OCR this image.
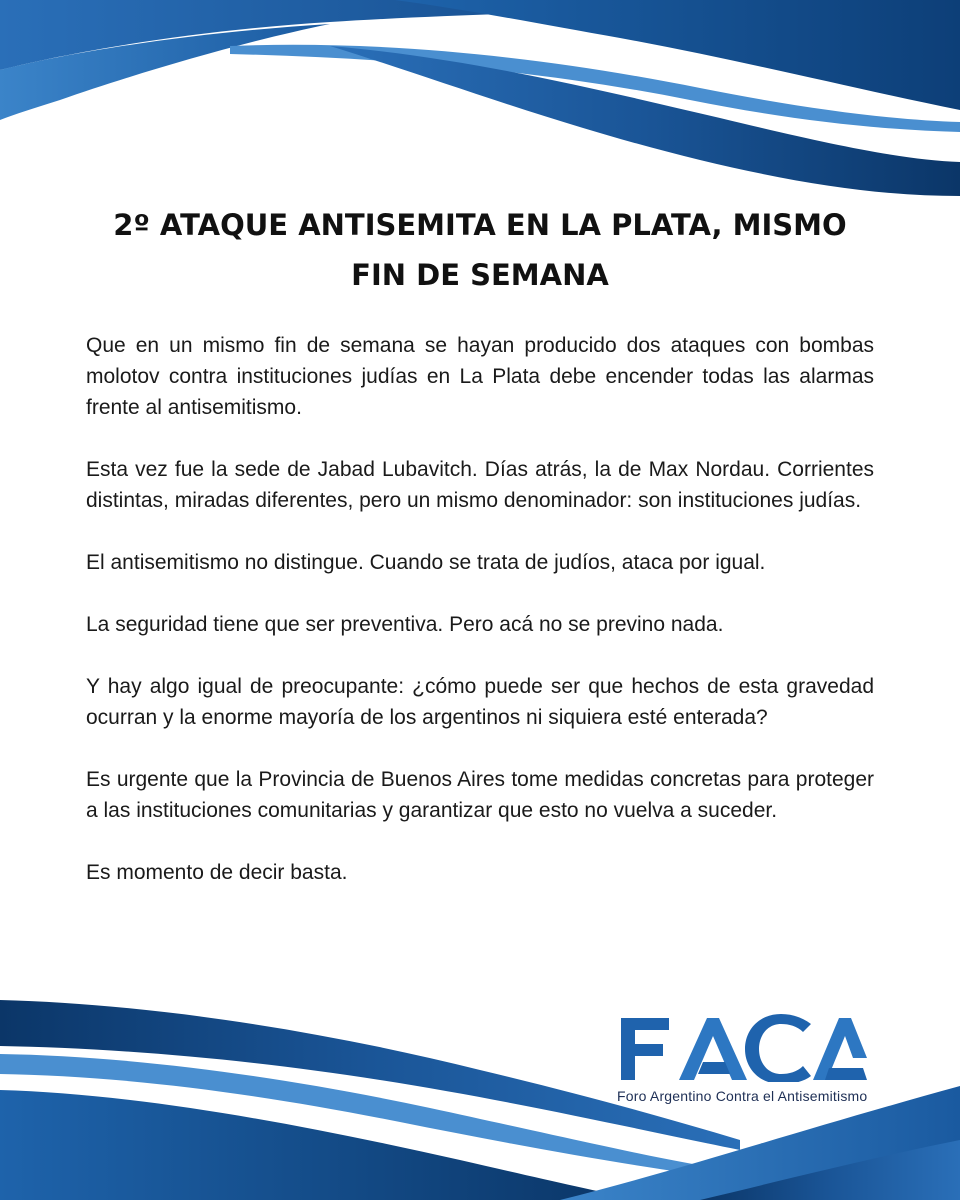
2º ATAQUE ANTISEMITA EN LA PLATA, MISMO FIN DE SEMANA

Que en un mismo fin de semana se hayan producido dos ataques con bombas molotov contra instituciones judías en La Plata debe encender todas las alarmas frente al antisemitismo.

Esta vez fue la sede de Jabad Lubavitch. Días atrás, la de Max Nordau. Corrientes distintas, miradas diferentes, pero un mismo denominador: son instituciones judías.

El antisemitismo no distingue. Cuando se trata de judíos, ataca por igual.

La seguridad tiene que ser preventiva. Pero acá no se previno nada.

Y hay algo igual de preocupante: ¿cómo puede ser que hechos de esta gravedad ocurran y la enorme mayoría de los argentinos ni siquiera esté enterada?

Es urgente que la Provincia de Buenos Aires tome medidas concretas para proteger a las instituciones comunitarias y garantizar que esto no vuelva a suceder.

Es momento de decir basta.

Foro Argentino Contra el Antisemitismo
